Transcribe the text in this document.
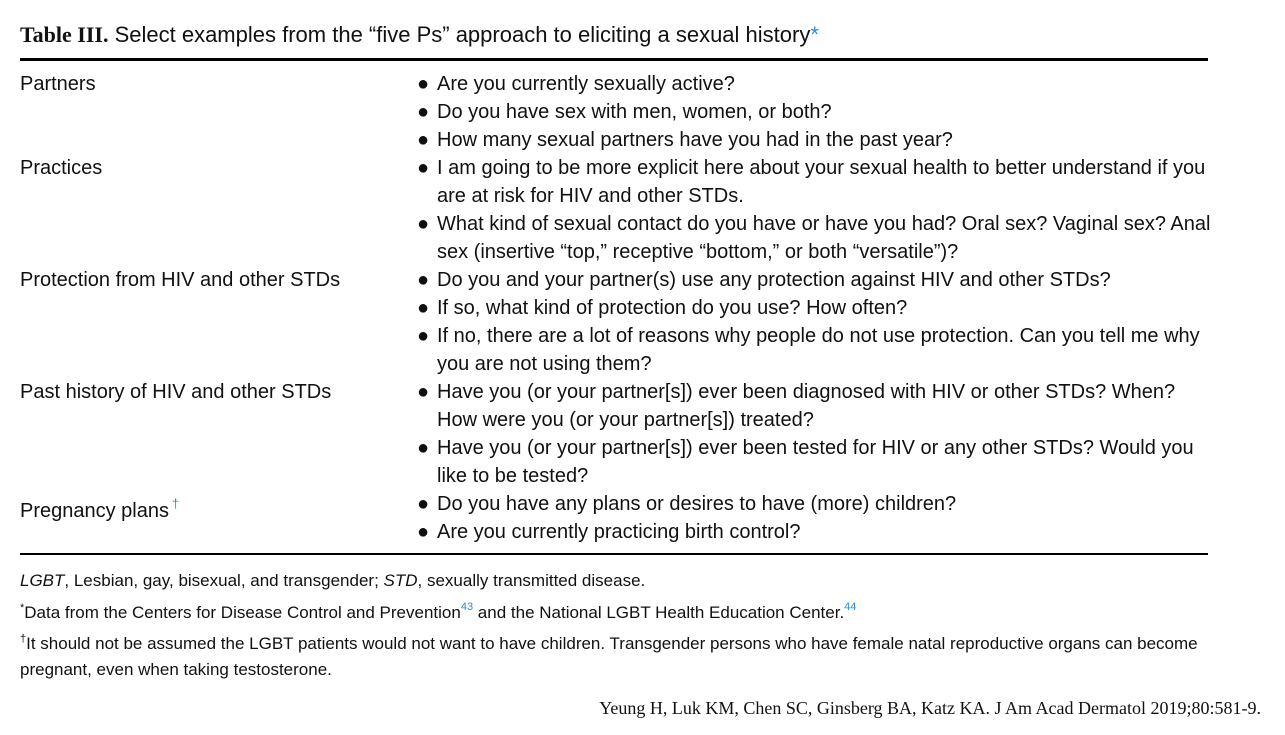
Table III. Select examples from the “five Ps” approach to eliciting a sexual history*
Partners	● Are you currently sexually active?
● Do you have sex with men, women, or both?
● How many sexual partners have you had in the past year?
Practices	● I am going to be more explicit here about your sexual health to better understand if you are at risk for HIV and other STDs.
● What kind of sexual contact do you have or have you had? Oral sex? Vaginal sex? Anal sex (insertive “top,” receptive “bottom,” or both “versatile”)?
Protection from HIV and other STDs	● Do you and your partner(s) use any protection against HIV and other STDs?
● If so, what kind of protection do you use? How often?
● If no, there are a lot of reasons why people do not use protection. Can you tell me why you are not using them?
Past history of HIV and other STDs	● Have you (or your partner[s]) ever been diagnosed with HIV or other STDs? When? How were you (or your partner[s]) treated?
● Have you (or your partner[s]) ever been tested for HIV or any other STDs? Would you like to be tested?
Pregnancy plans †	● Do you have any plans or desires to have (more) children?
● Are you currently practicing birth control?

LGBT, Lesbian, gay, bisexual, and transgender; STD, sexually transmitted disease.

*Data from the Centers for Disease Control and Prevention$^{43}$ and the National LGBT Health Education Center.$^{44}$

†It should not be assumed the LGBT patients would not want to have children. Transgender persons who have female natal reproductive organs can become pregnant, even when taking testosterone.

Yeung H, Luk KM, Chen SC, Ginsberg BA, Katz KA. J Am Acad Dermatol 2019;80:581-9.
